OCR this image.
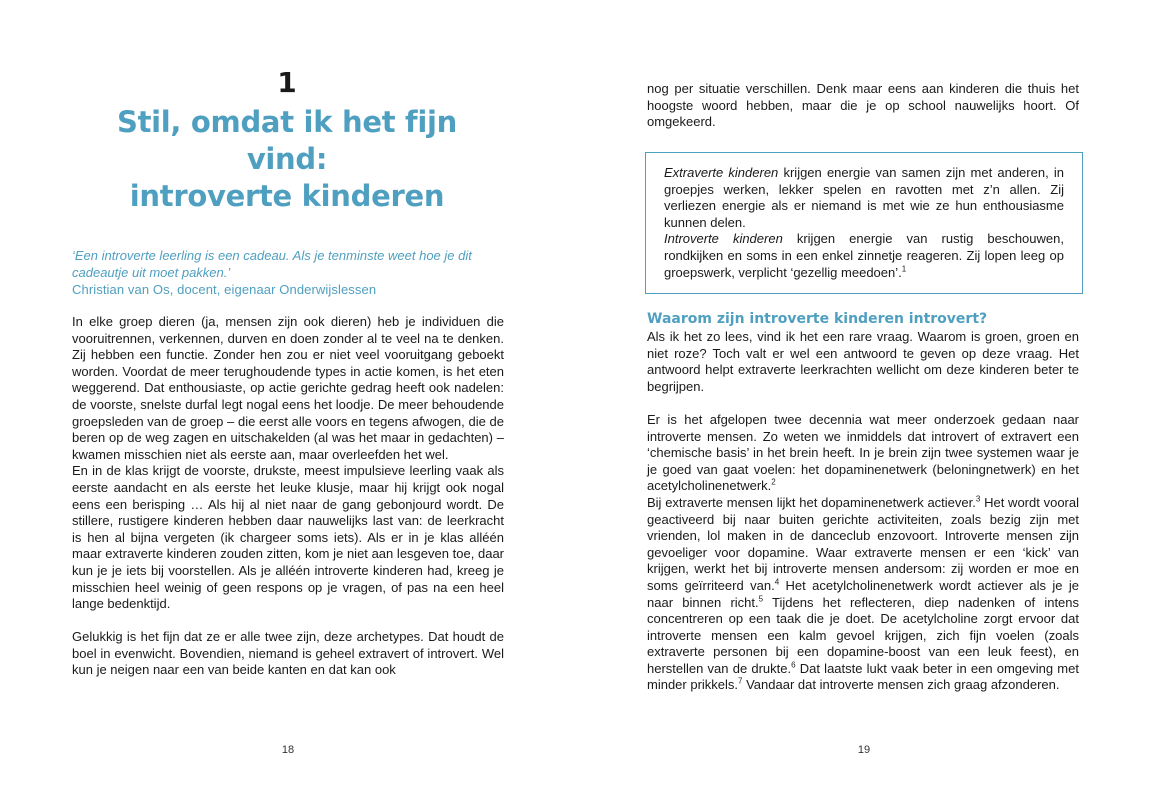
1
Stil, omdat ik het fijn vind:
introverte kinderen
‘Een introverte leerling is een cadeau. Als je tenminste weet hoe je dit cadeautje uit moet pakken.’
Christian van Os, docent, eigenaar Onderwijslessen

In elke groep dieren (ja, mensen zijn ook dieren) heb je individuen die vooruitrennen, verkennen, durven en doen zonder al te veel na te denken. Zij hebben een functie. Zonder hen zou er niet veel vooruitgang geboekt worden. Voordat de meer terughoudende types in actie komen, is het eten weggerend. Dat enthousiaste, op actie gerichte gedrag heeft ook nadelen: de voorste, snelste durfal legt nogal eens het loodje. De meer behoudende groepsleden van de groep – die eerst alle voors en tegens afwogen, die de beren op de weg zagen en uitschakelden (al was het maar in gedachten) – kwamen misschien niet als eerste aan, maar overleefden het wel.

En in de klas krijgt de voorste, drukste, meest impulsieve leerling vaak als eerste aandacht en als eerste het leuke klusje, maar hij krijgt ook nogal eens een berisping … Als hij al niet naar de gang gebonjourd wordt. De stillere, rustigere kinderen hebben daar nauwelijks last van: de leerkracht is hen al bijna vergeten (ik chargeer soms iets). Als er in je klas alléén maar extraverte kinderen zouden zitten, kom je niet aan lesgeven toe, daar kun je je iets bij voorstellen. Als je alléén introverte kinderen had, kreeg je misschien heel weinig of geen respons op je vragen, of pas na een heel lange bedenktijd.

Gelukkig is het fijn dat ze er alle twee zijn, deze archetypes. Dat houdt de boel in evenwicht. Bovendien, niemand is geheel extravert of introvert. Wel kun je neigen naar een van beide kanten en dat kan ook

18

nog per situatie verschillen. Denk maar eens aan kinderen die thuis het hoogste woord hebben, maar die je op school nauwelijks hoort. Of omgekeerd.

Extraverte kinderen krijgen energie van samen zijn met anderen, in groepjes werken, lekker spelen en ravotten met z’n allen. Zij verliezen energie als er niemand is met wie ze hun enthousiasme kunnen delen.

Introverte kinderen krijgen energie van rustig beschouwen, rondkijken en soms in een enkel zinnetje reageren. Zij lopen leeg op groepswerk, verplicht ‘gezellig meedoen’.$^1$

Waarom zijn introverte kinderen introvert?

Als ik het zo lees, vind ik het een rare vraag. Waarom is groen, groen en niet roze? Toch valt er wel een antwoord te geven op deze vraag. Het antwoord helpt extraverte leerkrachten wellicht om deze kinderen beter te begrijpen.

Er is het afgelopen twee decennia wat meer onderzoek gedaan naar introverte mensen. Zo weten we inmiddels dat introvert of extravert een ‘chemische basis’ in het brein heeft. In je brein zijn twee systemen waar je je goed van gaat voelen: het dopaminenetwerk (beloningnetwerk) en het acetylcholinenetwerk.$^2$

Bij extraverte mensen lijkt het dopaminenetwerk actiever.$^3$ Het wordt vooral geactiveerd bij naar buiten gerichte activiteiten, zoals bezig zijn met vrienden, lol maken in de danceclub enzovoort. Introverte mensen zijn gevoeliger voor dopamine. Waar extraverte mensen er een ‘kick’ van krijgen, werkt het bij introverte mensen andersom: zij worden er moe en soms geïrriteerd van.$^4$ Het acetylcholinenetwerk wordt actiever als je je naar binnen richt.$^5$ Tijdens het reflecteren, diep nadenken of intens concentreren op een taak die je doet. De acetylcholine zorgt ervoor dat introverte mensen een kalm gevoel krijgen, zich fijn voelen (zoals extraverte personen bij een dopamine-boost van een leuk feest), en herstellen van de drukte.$^6$ Dat laatste lukt vaak beter in een omgeving met minder prikkels.$^7$ Vandaar dat introverte mensen zich graag afzonderen.

19
